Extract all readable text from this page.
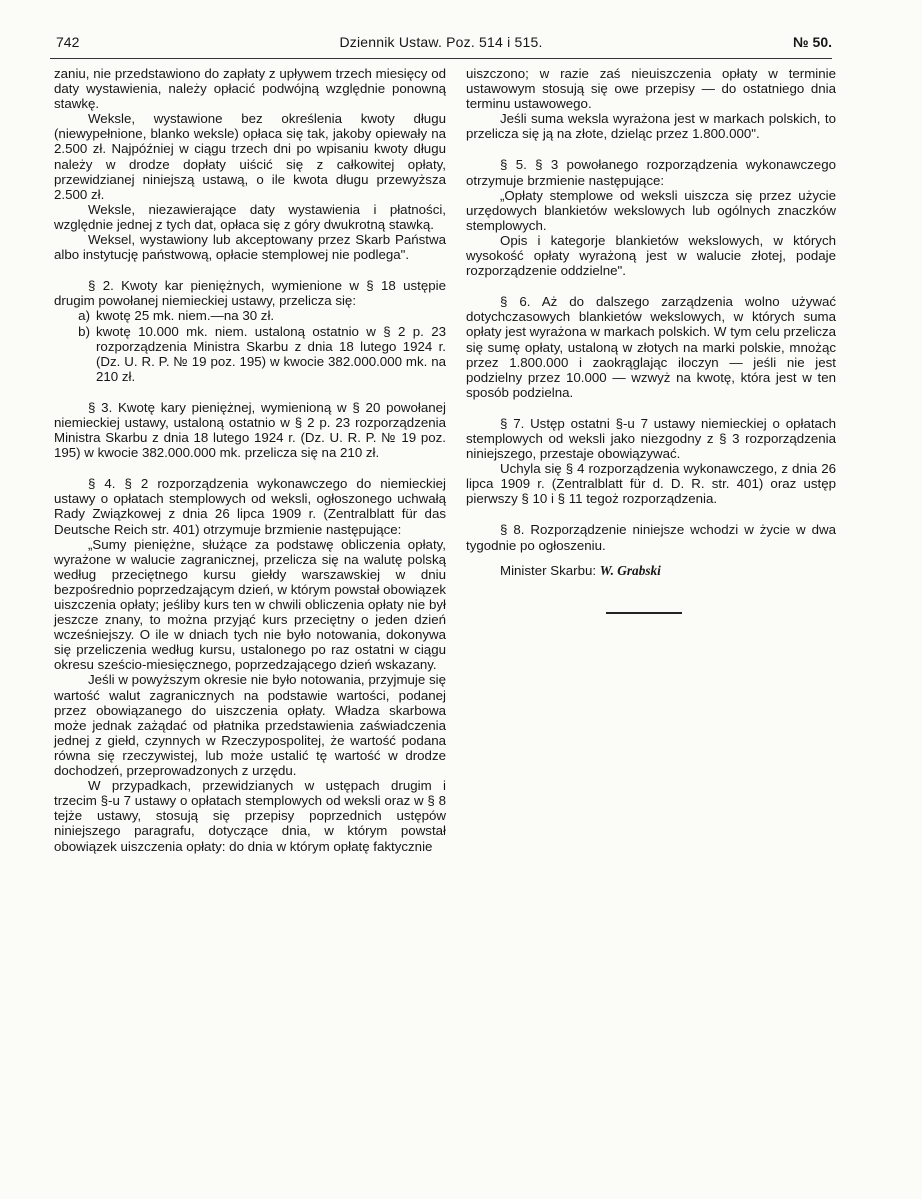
742	Dziennik Ustaw. Poz. 514 i 515.	№ 50.

zaniu, nie przedstawiono do zapłaty z upływem trzech miesięcy od daty wystawienia, należy opłacić podwójną względnie ponowną stawkę.

Weksle, wystawione bez określenia kwoty długu (niewypełnione, blanko weksle) opłaca się tak, jakoby opiewały na 2.500 zł. Najpóźniej w ciągu trzech dni po wpisaniu kwoty długu należy w drodze dopłaty uiścić się z całkowitej opłaty, przewidzianej niniejszą ustawą, o ile kwota długu przewyższa 2.500 zł.

Weksle, niezawierające daty wystawienia i płatności, względnie jednej z tych dat, opłaca się z góry dwukrotną stawką.

Weksel, wystawiony lub akceptowany przez Skarb Państwa albo instytucję państwową, opłacie stemplowej nie podlega".

§ 2. Kwoty kar pieniężnych, wymienione w § 18 ustępie drugim powołanej niemieckiej ustawy, przelicza się:

a) kwotę 25 mk. niem.—na 30 zł.
b) kwotę 10.000 mk. niem. ustaloną ostatnio w § 2 p. 23 rozporządzenia Ministra Skarbu z dnia 18 lutego 1924 r. (Dz. U. R. P. № 19 poz. 195) w kwocie 382.000.000 mk. na 210 zł.

§ 3. Kwotę kary pieniężnej, wymienioną w § 20 powołanej niemieckiej ustawy, ustaloną ostatnio w § 2 p. 23 rozporządzenia Ministra Skarbu z dnia 18 lutego 1924 r. (Dz. U. R. P. № 19 poz. 195) w kwocie 382.000.000 mk. przelicza się na 210 zł.

§ 4. § 2 rozporządzenia wykonawczego do niemieckiej ustawy o opłatach stemplowych od weksli, ogłoszonego uchwałą Rady Związkowej z dnia 26 lipca 1909 r. (Zentralblatt für das Deutsche Reich str. 401) otrzymuje brzmienie następujące:

„Sumy pieniężne, służące za podstawę obliczenia opłaty, wyrażone w walucie zagranicznej, przelicza się na walutę polską według przeciętnego kursu giełdy warszawskiej w dniu bezpośrednio poprzedzającym dzień, w którym powstał obowiązek uiszczenia opłaty; jeśliby kurs ten w chwili obliczenia opłaty nie był jeszcze znany, to można przyjąć kurs przeciętny o jeden dzień wcześniejszy. O ile w dniach tych nie było notowania, dokonywa się przeliczenia według kursu, ustalonego po raz ostatni w ciągu okresu sześcio-miesięcznego, poprzedzającego dzień wskazany.

Jeśli w powyższym okresie nie było notowania, przyjmuje się wartość walut zagranicznych na podstawie wartości, podanej przez obowiązanego do uiszczenia opłaty. Władza skarbowa może jednak zażądać od płatnika przedstawienia zaświadczenia jednej z giełd, czynnych w Rzeczypospolitej, że wartość podana równa się rzeczywistej, lub może ustalić tę wartość w drodze dochodzeń, przeprowadzonych z urzędu.

W przypadkach, przewidzianych w ustępach drugim i trzecim §-u 7 ustawy o opłatach stemplowych od weksli oraz w § 8 tejże ustawy, stosują się przepisy poprzednich ustępów niniejszego paragrafu, dotyczące dnia, w którym powstał obowiązek uiszczenia opłaty: do dnia w którym opłatę faktycznie

uiszczono; w razie zaś nieuiszczenia opłaty w terminie ustawowym stosują się owe przepisy — do ostatniego dnia terminu ustawowego.

Jeśli suma weksla wyrażona jest w markach polskich, to przelicza się ją na złote, dzieląc przez 1.800.000".

§ 5. § 3 powołanego rozporządzenia wykonawczego otrzymuje brzmienie następujące:

„Opłaty stemplowe od weksli uiszcza się przez użycie urzędowych blankietów wekslowych lub ogólnych znaczków stemplowych.

Opis i kategorje blankietów wekslowych, w których wysokość opłaty wyrażoną jest w walucie złotej, podaje rozporządzenie oddzielne".

§ 6. Aż do dalszego zarządzenia wolno używać dotychczasowych blankietów wekslowych, w których suma opłaty jest wyrażona w markach polskich. W tym celu przelicza się sumę opłaty, ustaloną w złotych na marki polskie, mnożąc przez 1.800.000 i zaokrąglając iloczyn — jeśli nie jest podzielny przez 10.000 — wzwyż na kwotę, która jest w ten sposób podzielna.

§ 7. Ustęp ostatni §-u 7 ustawy niemieckiej o opłatach stemplowych od weksli jako niezgodny z § 3 rozporządzenia niniejszego, przestaje obowiązywać.

Uchyla się § 4 rozporządzenia wykonawczego, z dnia 26 lipca 1909 r. (Zentralblatt für d. D. R. str. 401) oraz ustęp pierwszy § 10 i § 11 tegoż rozporządzenia.

§ 8. Rozporządzenie niniejsze wchodzi w życie w dwa tygodnie po ogłoszeniu.

Minister Skarbu: W. Grabski
